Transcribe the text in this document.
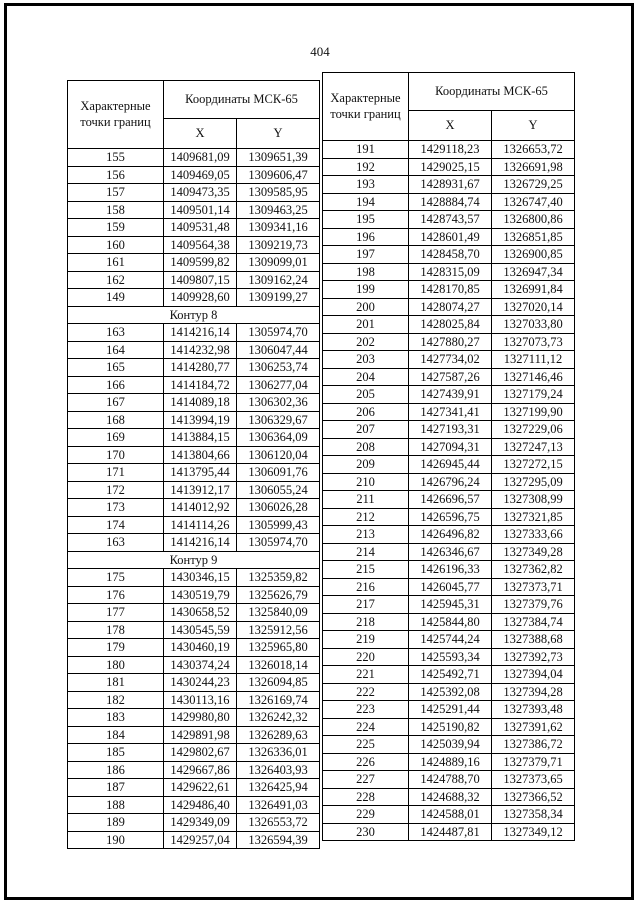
404
Характерные точки границ	Координаты МСК-65	
	X	Y
155	1409681,09	1309651,39
156	1409469,05	1309606,47
157	1409473,35	1309585,95
158	1409501,14	1309463,25
159	1409531,48	1309341,16
160	1409564,38	1309219,73
161	1409599,82	1309099,01
162	1409807,15	1309162,24
149	1409928,60	1309199,27
Контур 8		
163	1414216,14	1305974,70
164	1414232,98	1306047,44
165	1414280,77	1306253,74
166	1414184,72	1306277,04
167	1414089,18	1306302,36
168	1413994,19	1306329,67
169	1413884,15	1306364,09
170	1413804,66	1306120,04
171	1413795,44	1306091,76
172	1413912,17	1306055,24
173	1414012,92	1306026,28
174	1414114,26	1305999,43
163	1414216,14	1305974,70
Контур 9		
175	1430346,15	1325359,82
176	1430519,79	1325626,79
177	1430658,52	1325840,09
178	1430545,59	1325912,56
179	1430460,19	1325965,80
180	1430374,24	1326018,14
181	1430244,23	1326094,85
182	1430113,16	1326169,74
183	1429980,80	1326242,32
184	1429891,98	1326289,63
185	1429802,67	1326336,01
186	1429667,86	1326403,93
187	1429622,61	1326425,94
188	1429486,40	1326491,03
189	1429349,09	1326553,72
190	1429257,04	1326594,39
Характерные точки границ	Координаты МСК-65	
	X	Y
191	1429118,23	1326653,72
192	1429025,15	1326691,98
193	1428931,67	1326729,25
194	1428884,74	1326747,40
195	1428743,57	1326800,86
196	1428601,49	1326851,85
197	1428458,70	1326900,85
198	1428315,09	1326947,34
199	1428170,85	1326991,84
200	1428074,27	1327020,14
201	1428025,84	1327033,80
202	1427880,27	1327073,73
203	1427734,02	1327111,12
204	1427587,26	1327146,46
205	1427439,91	1327179,24
206	1427341,41	1327199,90
207	1427193,31	1327229,06
208	1427094,31	1327247,13
209	1426945,44	1327272,15
210	1426796,24	1327295,09
211	1426696,57	1327308,99
212	1426596,75	1327321,85
213	1426496,82	1327333,66
214	1426346,67	1327349,28
215	1426196,33	1327362,82
216	1426045,77	1327373,71
217	1425945,31	1327379,76
218	1425844,80	1327384,74
219	1425744,24	1327388,68
220	1425593,34	1327392,73
221	1425492,71	1327394,04
222	1425392,08	1327394,28
223	1425291,44	1327393,48
224	1425190,82	1327391,62
225	1425039,94	1327386,72
226	1424889,16	1327379,71
227	1424788,70	1327373,65
228	1424688,32	1327366,52
229	1424588,01	1327358,34
230	1424487,81	1327349,12
